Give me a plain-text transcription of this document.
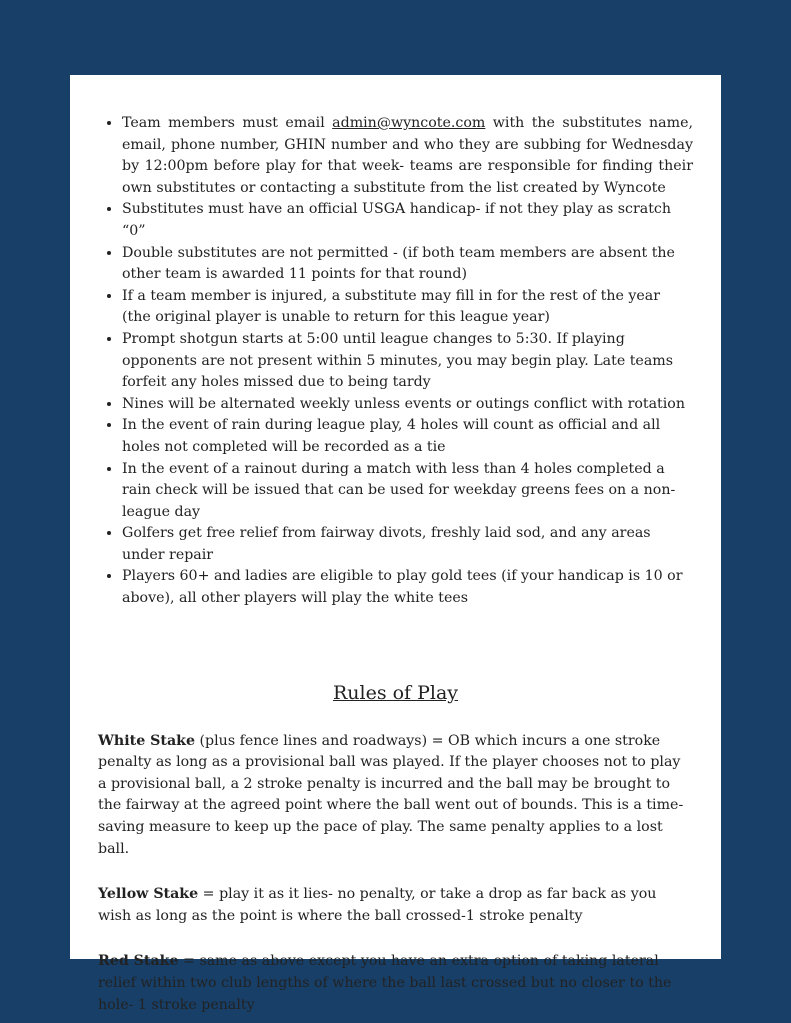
• Team members must email admin@wyncote.com with the substitutes name, email, phone number, GHIN number and who they are subbing for Wednesday by 12:00pm before play for that week- teams are responsible for finding their own substitutes or contacting a substitute from the list created by Wyncote
• Substitutes must have an official USGA handicap- if not they play as scratch “0”
• Double substitutes are not permitted - (if both team members are absent the other team is awarded 11 points for that round)
• If a team member is injured, a substitute may fill in for the rest of the year (the original player is unable to return for this league year)
• Prompt shotgun starts at 5:00 until league changes to 5:30. If playing opponents are not present within 5 minutes, you may begin play. Late teams forfeit any holes missed due to being tardy
• Nines will be alternated weekly unless events or outings conflict with rotation
• In the event of rain during league play, 4 holes will count as official and all holes not completed will be recorded as a tie
• In the event of a rainout during a match with less than 4 holes completed a rain check will be issued that can be used for weekday greens fees on a non-league day
• Golfers get free relief from fairway divots, freshly laid sod, and any areas under repair
• Players 60+ and ladies are eligible to play gold tees (if your handicap is 10 or above), all other players will play the white tees
Rules of Play

White Stake (plus fence lines and roadways) = OB which incurs a one stroke penalty as long as a provisional ball was played. If the player chooses not to play a provisional ball, a 2 stroke penalty is incurred and the ball may be brought to the fairway at the agreed point where the ball went out of bounds. This is a time-saving measure to keep up the pace of play. The same penalty applies to a lost ball.

Yellow Stake = play it as it lies- no penalty, or take a drop as far back as you wish as long as the point is where the ball crossed-1 stroke penalty

Red Stake = same as above except you have an extra option of taking lateral relief within two club lengths of where the ball last crossed but no closer to the hole- 1 stroke penalty
